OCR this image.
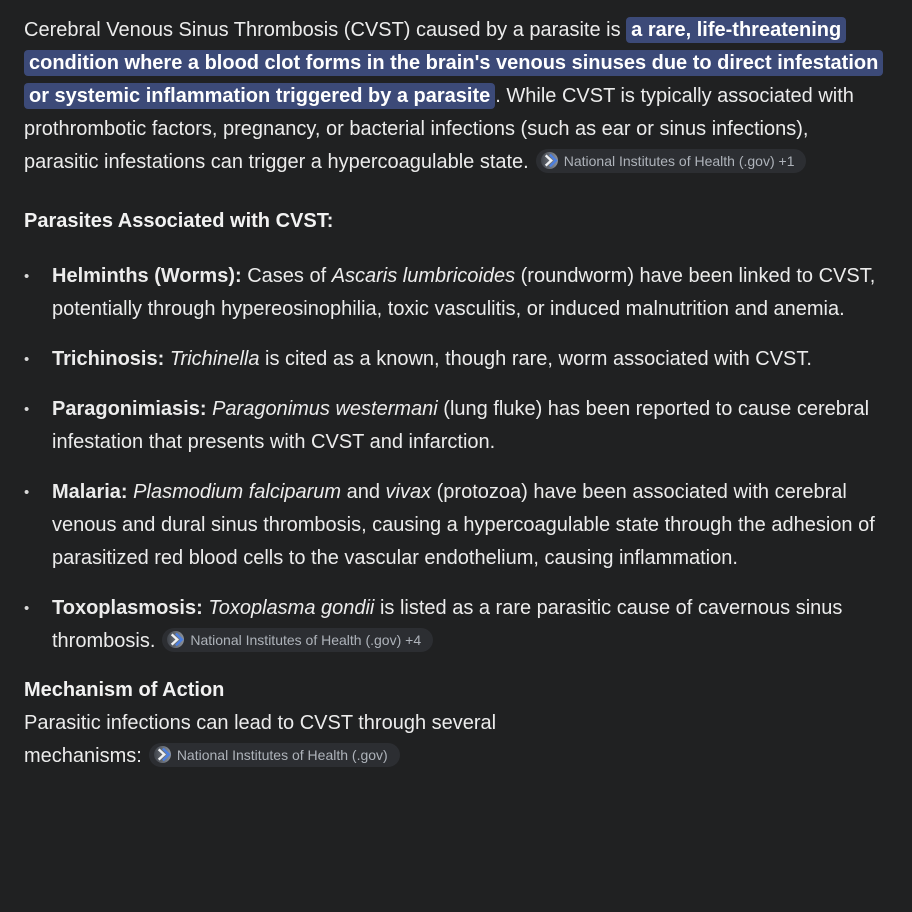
Cerebral Venous Sinus Thrombosis (CVST) caused by a parasite is a rare, life-threatening condition where a blood clot forms in the brain's venous sinuses due to direct infestation or systemic inflammation triggered by a parasite . While CVST is typically associated with prothrombotic factors, pregnancy, or bacterial infections (such as ear or sinus infections), parasitic infestations can trigger a hypercoagulable state.	National Institutes of Health (.gov) +1

Parasites Associated with CVST:
•	Helminths (Worms): Cases of Ascaris lumbricoides (roundworm) have been linked to CVST, potentially through hypereosinophilia, toxic vasculitis, or induced malnutrition and anemia.
•	Trichinosis: Trichinella is cited as a known, though rare, worm associated with CVST.
•	Paragonimiasis: Paragonimus westermani (lung fluke) has been reported to cause cerebral infestation that presents with CVST and infarction.
•	Malaria: Plasmodium falciparum and vivax (protozoa) have been associated with cerebral venous and dural sinus thrombosis, causing a hypercoagulable state through the adhesion of parasitized red blood cells to the vascular endothelium, causing inflammation.
•	Toxoplasmosis: Toxoplasma gondii is listed as a rare parasitic cause of cavernous sinus thrombosis.	National Institutes of Health (.gov) +4
Mechanism of Action

Parasitic infections can lead to CVST through several mechanisms:	National Institutes of Health (.gov)
